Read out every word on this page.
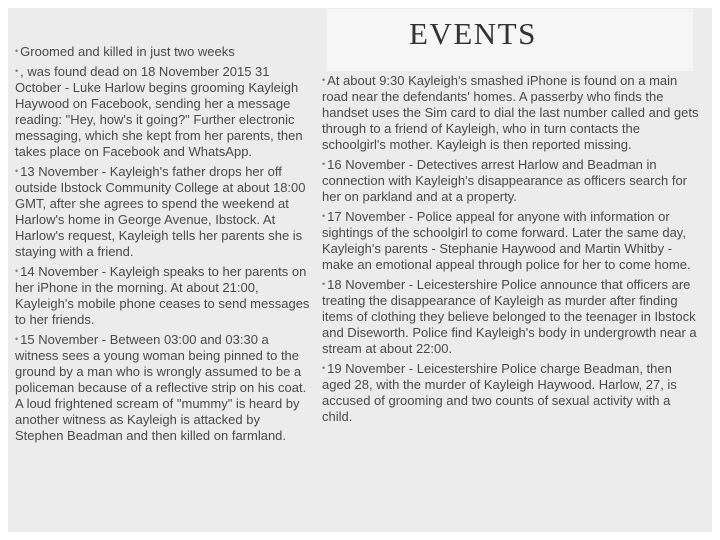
EVENTS

• Groomed and killed in just two weeks

• , was found dead on 18 November 2015 31 October - Luke Harlow begins grooming Kayleigh Haywood on Facebook, sending her a message reading: "Hey, how's it going?" Further electronic messaging, which she kept from her parents, then takes place on Facebook and WhatsApp.

• 13 November - Kayleigh's father drops her off outside Ibstock Community College at about 18:00 GMT, after she agrees to spend the weekend at Harlow's home in George Avenue, Ibstock. At Harlow's request, Kayleigh tells her parents she is staying with a friend.

• 14 November - Kayleigh speaks to her parents on her iPhone in the morning. At about 21:00, Kayleigh's mobile phone ceases to send messages to her friends.

• 15 November - Between 03:00 and 03:30 a witness sees a young woman being pinned to the ground by a man who is wrongly assumed to be a policeman because of a reflective strip on his coat. A loud frightened scream of "mummy" is heard by another witness as Kayleigh is attacked by Stephen Beadman and then killed on farmland.

• At about 9:30 Kayleigh's smashed iPhone is found on a main road near the defendants' homes. A passerby who finds the handset uses the Sim card to dial the last number called and gets through to a friend of Kayleigh, who in turn contacts the schoolgirl's mother. Kayleigh is then reported missing.

• 16 November - Detectives arrest Harlow and Beadman in connection with Kayleigh's disappearance as officers search for her on parkland and at a property.

• 17 November - Police appeal for anyone with information or sightings of the schoolgirl to come forward. Later the same day, Kayleigh's parents - Stephanie Haywood and Martin Whitby - make an emotional appeal through police for her to come home.

• 18 November - Leicestershire Police announce that officers are treating the disappearance of Kayleigh as murder after finding items of clothing they believe belonged to the teenager in Ibstock and Diseworth. Police find Kayleigh's body in undergrowth near a stream at about 22:00.

• 19 November - Leicestershire Police charge Beadman, then aged 28, with the murder of Kayleigh Haywood. Harlow, 27, is accused of grooming and two counts of sexual activity with a child.
